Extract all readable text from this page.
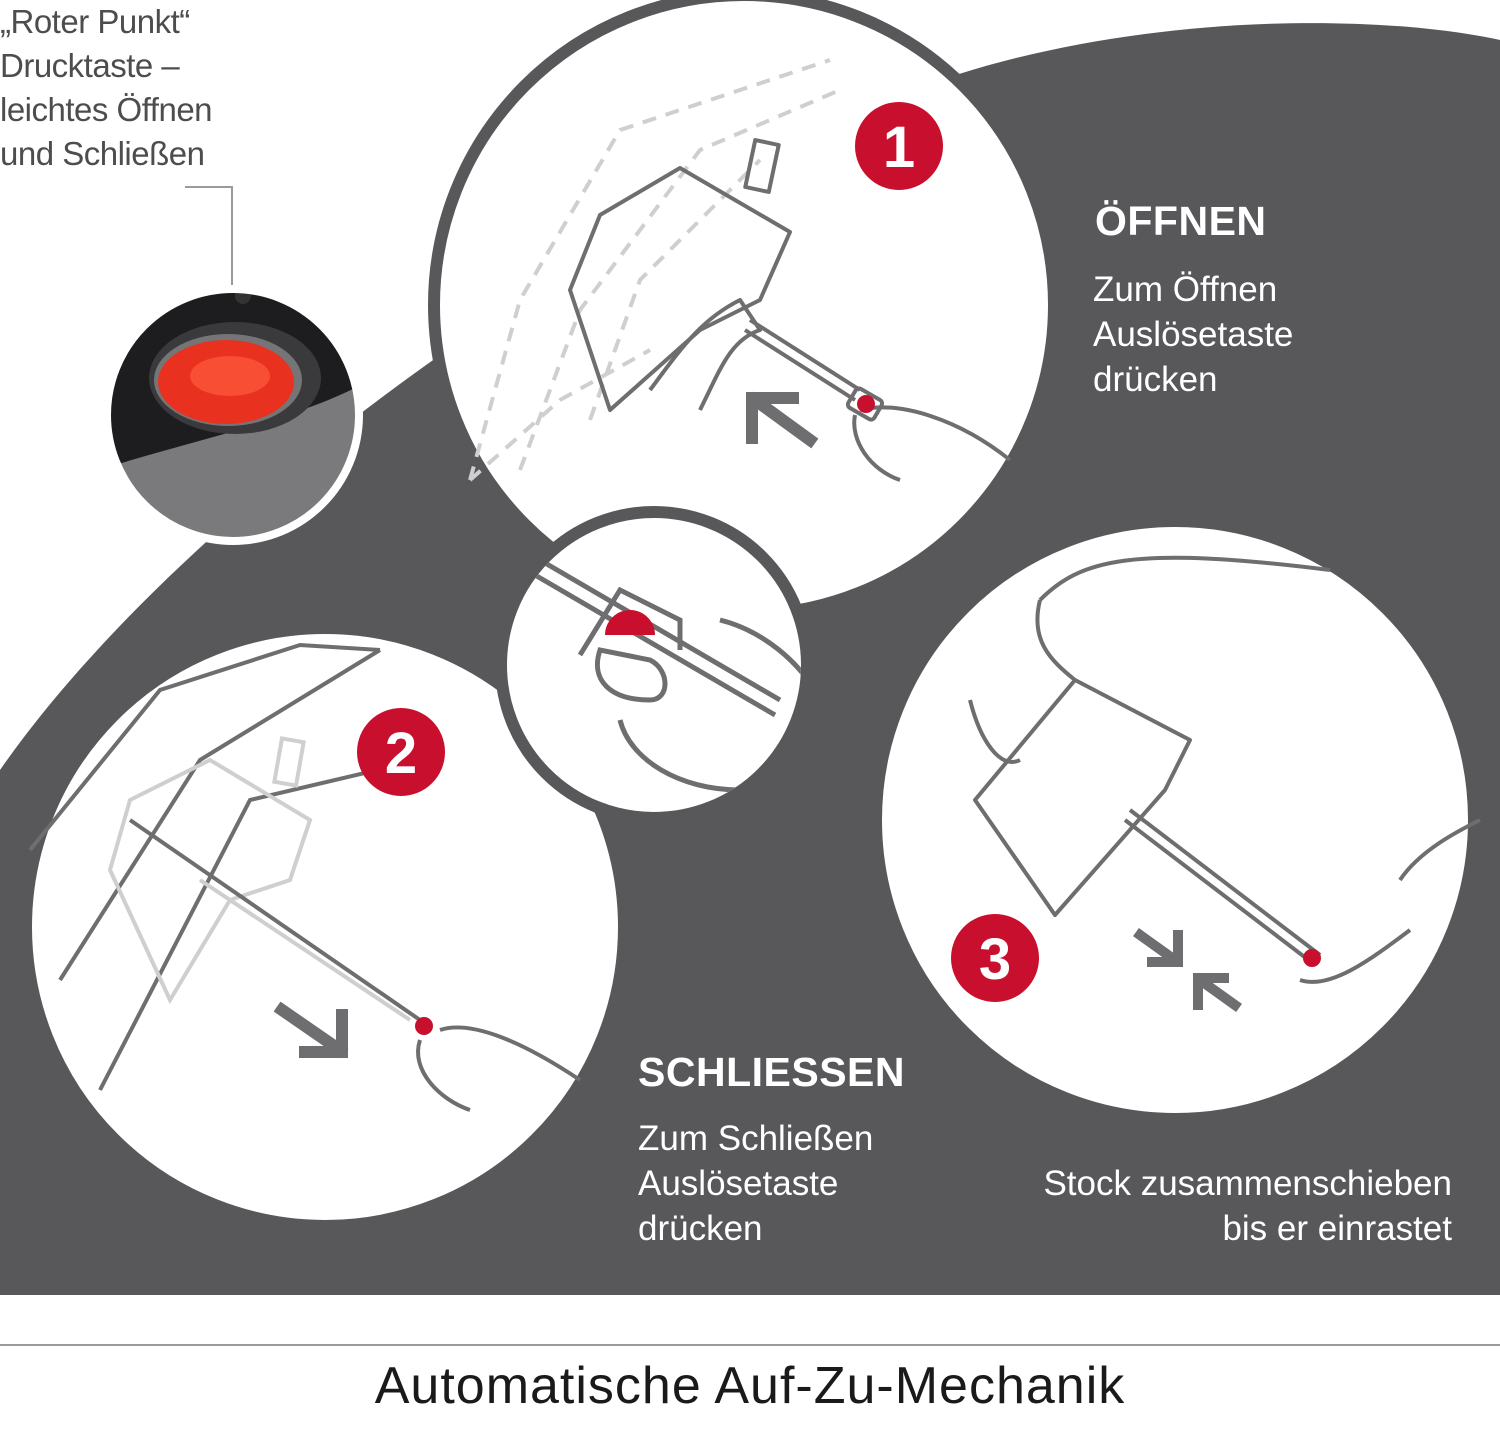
1
2
3
„Roter Punkt“
Drucktaste –
leichtes Öffnen
und Schließen
ÖFFNEN
Zum Öffnen
Auslösetaste
drücken
SCHLIESSEN
Zum Schließen
Auslösetaste
drücken
Stock zusammenschieben
bis er einrastet
Automatische Auf-Zu-Mechanik
